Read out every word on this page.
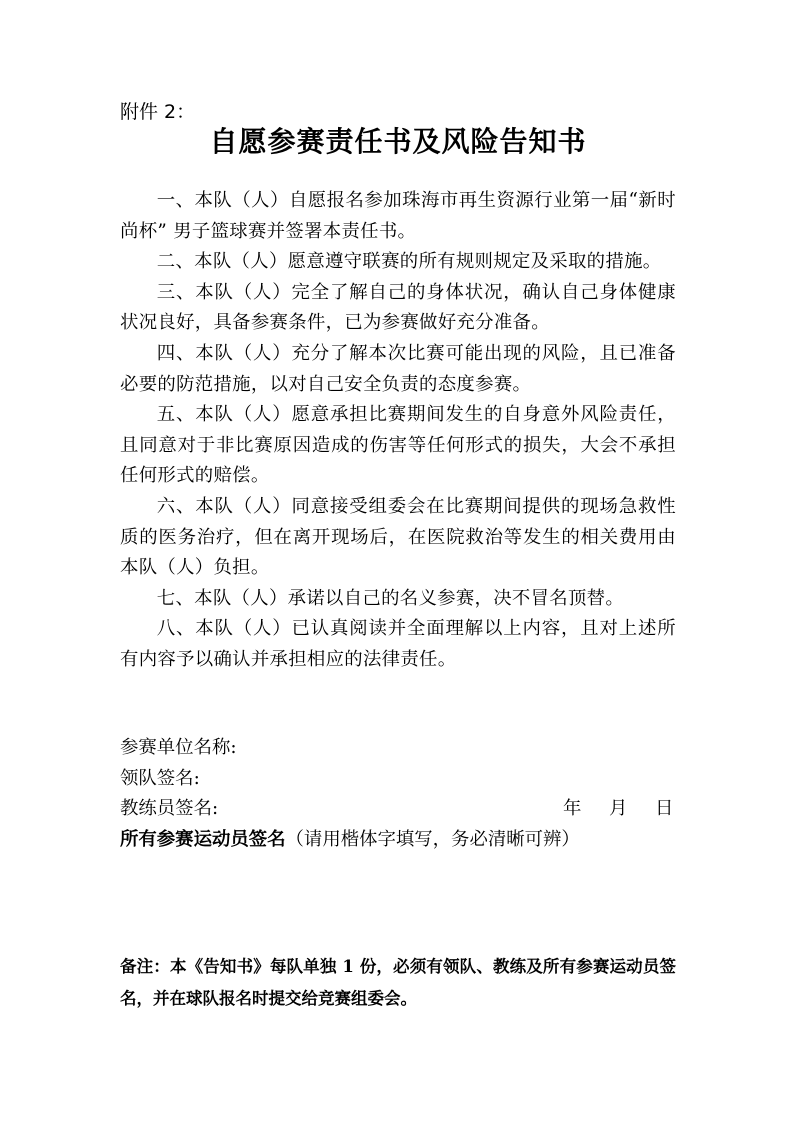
附件 2：
自愿参赛责任书及风险告知书

一、本队（人）自愿报名参加珠海市再生资源行业第一届“新时尚杯” 男子篮球赛并签署本责任书。

二、本队（人）愿意遵守联赛的所有规则规定及采取的措施。

三、本队（人）完全了解自己的身体状况，确认自己身体健康状况良好，具备参赛条件，已为参赛做好充分准备。

四、本队（人）充分了解本次比赛可能出现的风险，且已准备必要的防范措施，以对自己安全负责的态度参赛。

五、本队（人）愿意承担比赛期间发生的自身意外风险责任，且同意对于非比赛原因造成的伤害等任何形式的损失，大会不承担任何形式的赔偿。

六、本队（人）同意接受组委会在比赛期间提供的现场急救性质的医务治疗，但在离开现场后，在医院救治等发生的相关费用由本队（人）负担。

七、本队（人）承诺以自己的名义参赛，决不冒名顶替。

八、本队（人）已认真阅读并全面理解以上内容，且对上述所有内容予以确认并承担相应的法律责任。

参赛单位名称:
领队签名:
教练员签名:	年 月 日
所有参赛运动员签名（请用楷体字填写，务必清晰可辨）
备注：本《告知书》每队单独 1 份，必须有领队、教练及所有参赛运动员签名，并在球队报名时提交给竞赛组委会。
